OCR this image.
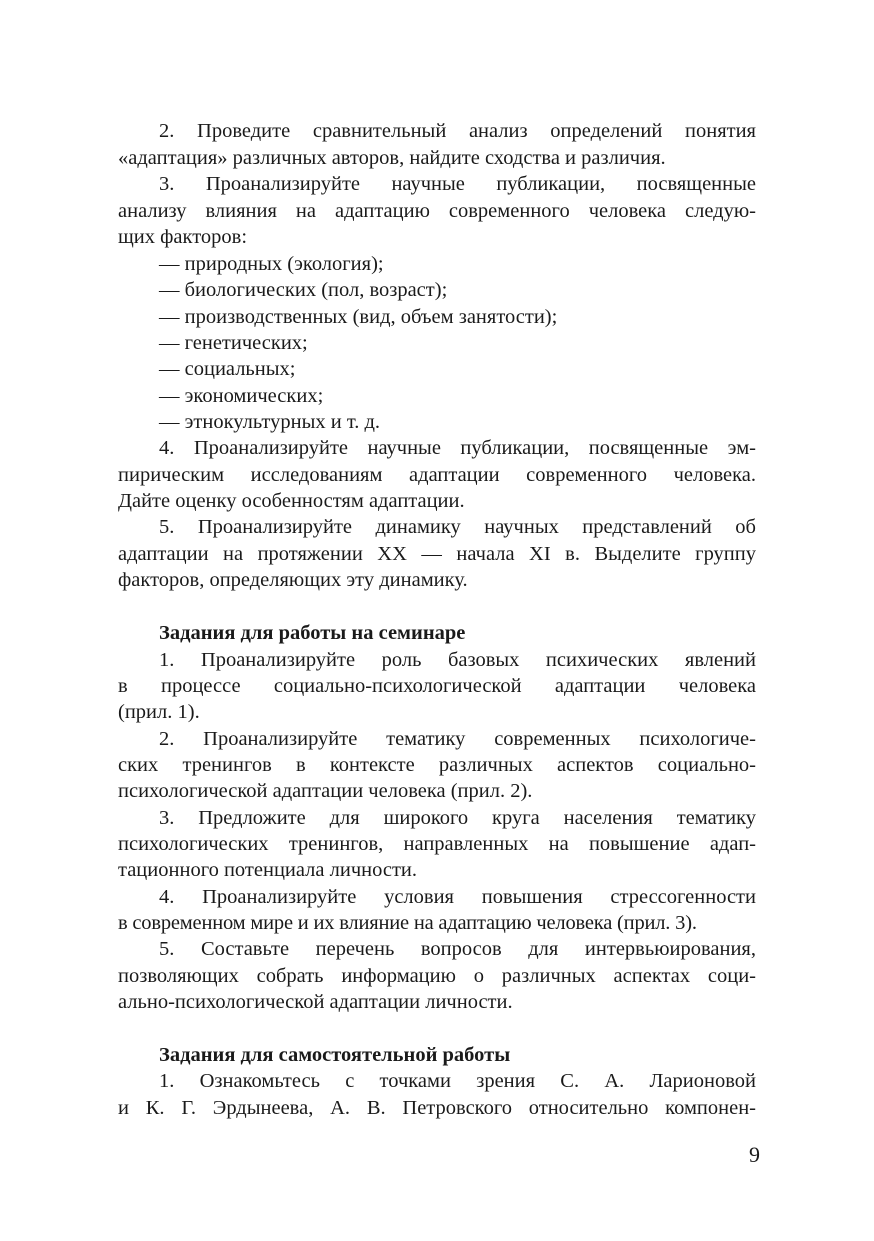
2. Проведите сравнительный анализ определений понятия
«адаптация» различных авторов, найдите сходства и различия.
3. Проанализируйте научные публикации, посвященные
анализу влияния на адаптацию современного человека следую-
щих факторов:
— природных (экология);
— биологических (пол, возраст);
— производственных (вид, объем занятости);
— генетических;
— социальных;
— экономических;
— этнокультурных и т. д.
4. Проанализируйте научные публикации, посвященные эм-
пирическим исследованиям адаптации современного человека.
Дайте оценку особенностям адаптации.
5. Проанализируйте динамику научных представлений об
адаптации на протяжении XX — начала XI в. Выделите группу
факторов, определяющих эту динамику.
Задания для работы на семинаре
1. Проанализируйте роль базовых психических явлений
в процессе социально-психологической адаптации человека
(прил. 1).
2. Проанализируйте тематику современных психологиче-
ских тренингов в контексте различных аспектов социально-
психологической адаптации человека (прил. 2).
3. Предложите для широкого круга населения тематику
психологических тренингов, направленных на повышение адап-
тационного потенциала личности.
4. Проанализируйте условия повышения стрессогенности
в современном мире и их влияние на адаптацию человека (прил. 3).
5. Составьте перечень вопросов для интервьюирования,
позволяющих собрать информацию о различных аспектах соци-
ально-психологической адаптации личности.
Задания для самостоятельной работы
1. Ознакомьтесь с точками зрения С. А. Ларионовой
и К. Г. Эрдынеева, А. В. Петровского относительно компонен-
9
